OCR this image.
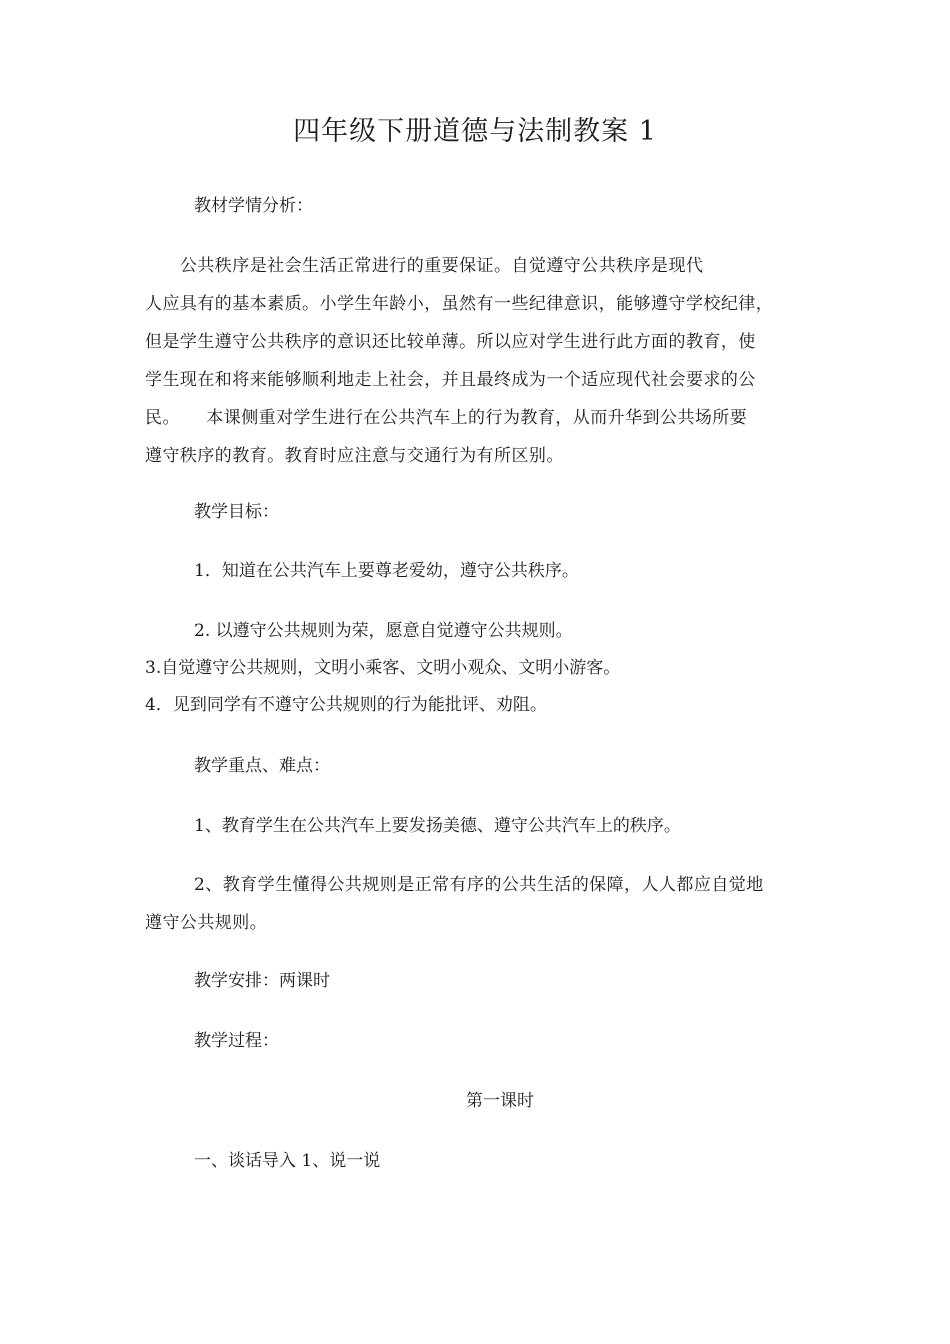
四年级下册道德与法制教案 1
教材学情分析：
　　公共秩序是社会生活正常进行的重要保证。自觉遵守公共秩序是现代
人应具有的基本素质。小学生年龄小，虽然有一些纪律意识，能够遵守学校纪律，
但是学生遵守公共秩序的意识还比较单薄。所以应对学生进行此方面的教育，使
学生现在和将来能够顺利地走上社会，并且最终成为一个适应现代社会要求的公
民。　　本课侧重对学生进行在公共汽车上的行为教育，从而升华到公共场所要
遵守秩序的教育。教育时应注意与交通行为有所区别。
教学目标：
1．知道在公共汽车上要尊老爱幼，遵守公共秩序。
2. 以遵守公共规则为荣，愿意自觉遵守公共规则。
3.自觉遵守公共规则，文明小乘客、文明小观众、文明小游客。
4．见到同学有不遵守公共规则的行为能批评、劝阻。
教学重点、难点：
1、教育学生在公共汽车上要发扬美德、遵守公共汽车上的秩序。
2、教育学生懂得公共规则是正常有序的公共生活的保障，人人都应自觉地
遵守公共规则。
教学安排：两课时
教学过程：
第一课时
一、谈话导入 1、说一说
